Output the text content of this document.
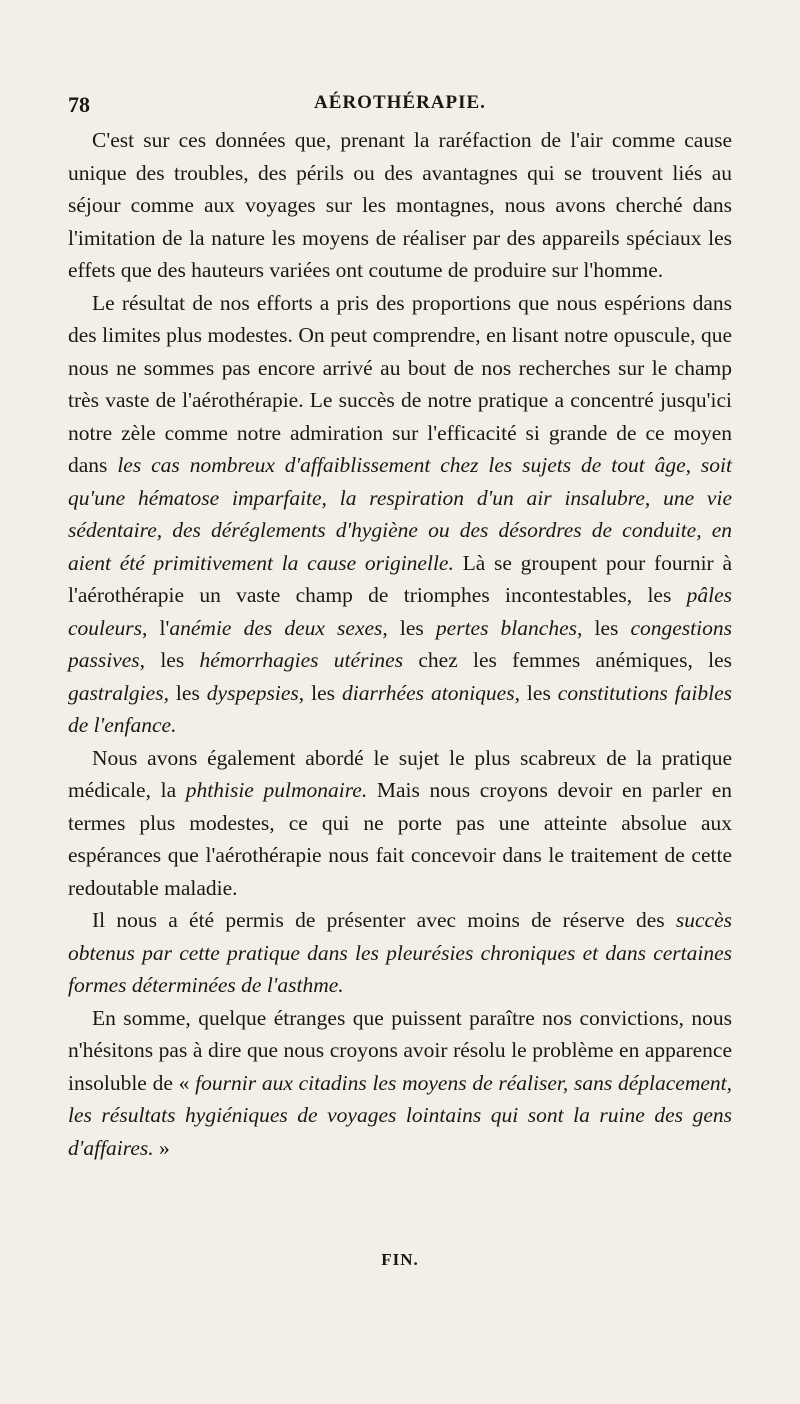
78	AÉROTHÉRAPIE.

C'est sur ces données que, prenant la raréfaction de l'air comme cause unique des troubles, des périls ou des avantagnes qui se trouvent liés au séjour comme aux voyages sur les montagnes, nous avons cherché dans l'imitation de la nature les moyens de réaliser par des appareils spéciaux les effets que des hauteurs variées ont coutume de produire sur l'homme.

Le résultat de nos efforts a pris des proportions que nous espérions dans des limites plus modestes. On peut comprendre, en lisant notre opuscule, que nous ne sommes pas encore arrivé au bout de nos recherches sur le champ très vaste de l'aérothérapie. Le succès de notre pratique a concentré jusqu'ici notre zèle comme notre admiration sur l'efficacité si grande de ce moyen dans les cas nombreux d'affaiblissement chez les sujets de tout âge, soit qu'une hématose imparfaite, la respiration d'un air insalubre, une vie sédentaire, des déréglements d'hygiène ou des désordres de conduite, en aient été primitivement la cause originelle. Là se groupent pour fournir à l'aérothérapie un vaste champ de triomphes incontestables, les pâles couleurs, l'anémie des deux sexes, les pertes blanches, les congestions passives, les hémorrhagies utérines chez les femmes anémiques, les gastralgies, les dyspepsies, les diarrhées atoniques, les constitutions faibles de l'enfance.

Nous avons également abordé le sujet le plus scabreux de la pratique médicale, la phthisie pulmonaire. Mais nous croyons devoir en parler en termes plus modestes, ce qui ne porte pas une atteinte absolue aux espérances que l'aérothérapie nous fait concevoir dans le traitement de cette redoutable maladie.

Il nous a été permis de présenter avec moins de réserve des succès obtenus par cette pratique dans les pleurésies chroniques et dans certaines formes déterminées de l'asthme.

En somme, quelque étranges que puissent paraître nos convictions, nous n'hésitons pas à dire que nous croyons avoir résolu le problème en apparence insoluble de « fournir aux citadins les moyens de réaliser, sans déplacement, les résultats hygiéniques de voyages lointains qui sont la ruine des gens d'affaires. »

FIN.
